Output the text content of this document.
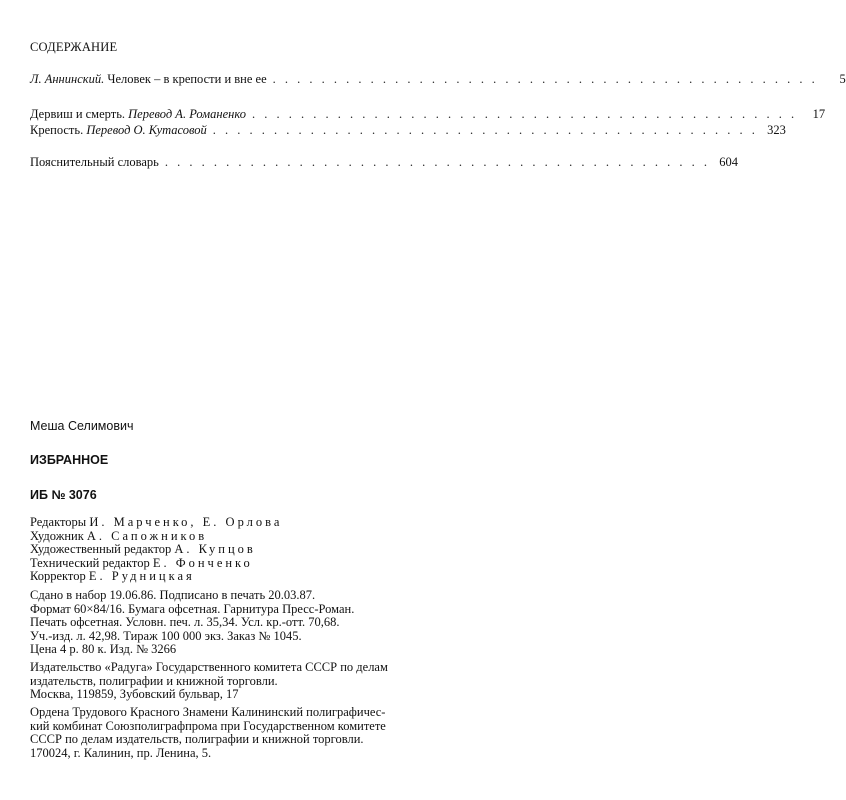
СОДЕРЖАНИЕ
Л. Аннинский. Человек – в крепости и вне ее . . . . . . . . . . . . . . . . . . . . . . . . . . . . . . . . . . . . . . . . . . . . .	5
Дервиш и смерть. Перевод А. Романенко . . . . . . . . . . . . . . . . . . . . . . . . . . . . . . . . . . . . . . . . . . . . .	17
Крепость. Перевод О. Кутасовой . . . . . . . . . . . . . . . . . . . . . . . . . . . . . . . . . . . . . . . . . . . . . 323
Пояснительный словарь . . . . . . . . . . . . . . . . . . . . . . . . . . . . . . . . . . . . . . . . . . . . . 604
Меша Селимович
ИЗБРАННОЕ
ИБ № 3076
Редакторы И. Марченко, Е. Орлова
Художник А. Сапожников
Художественный редактор А. Купцов
Технический редактор Е. Фонченко
Корректор Е. Рудницкая
Сдано в набор 19.06.86. Подписано в печать 20.03.87.
Формат 60×84/16. Бумага офсетная. Гарнитура Пресс-Роман.
Печать офсетная. Условн. печ. л. 35,34. Усл. кр.-отт. 70,68.
Уч.-изд. л. 42,98. Тираж 100 000 экз. Заказ № 1045.
Цена 4 р. 80 к. Изд. № 3266
Издательство «Радуга» Государственного комитета СССР по делам
издательств, полиграфии и книжной торговли.
Москва, 119859, Зубовский бульвар, 17
Ордена Трудового Красного Знамени Калининский полиграфичес-
кий комбинат Союзполиграфпрома при Государственном комитете
СССР по делам издательств, полиграфии и книжной торговли.
170024, г. Калинин, пр. Ленина, 5.
